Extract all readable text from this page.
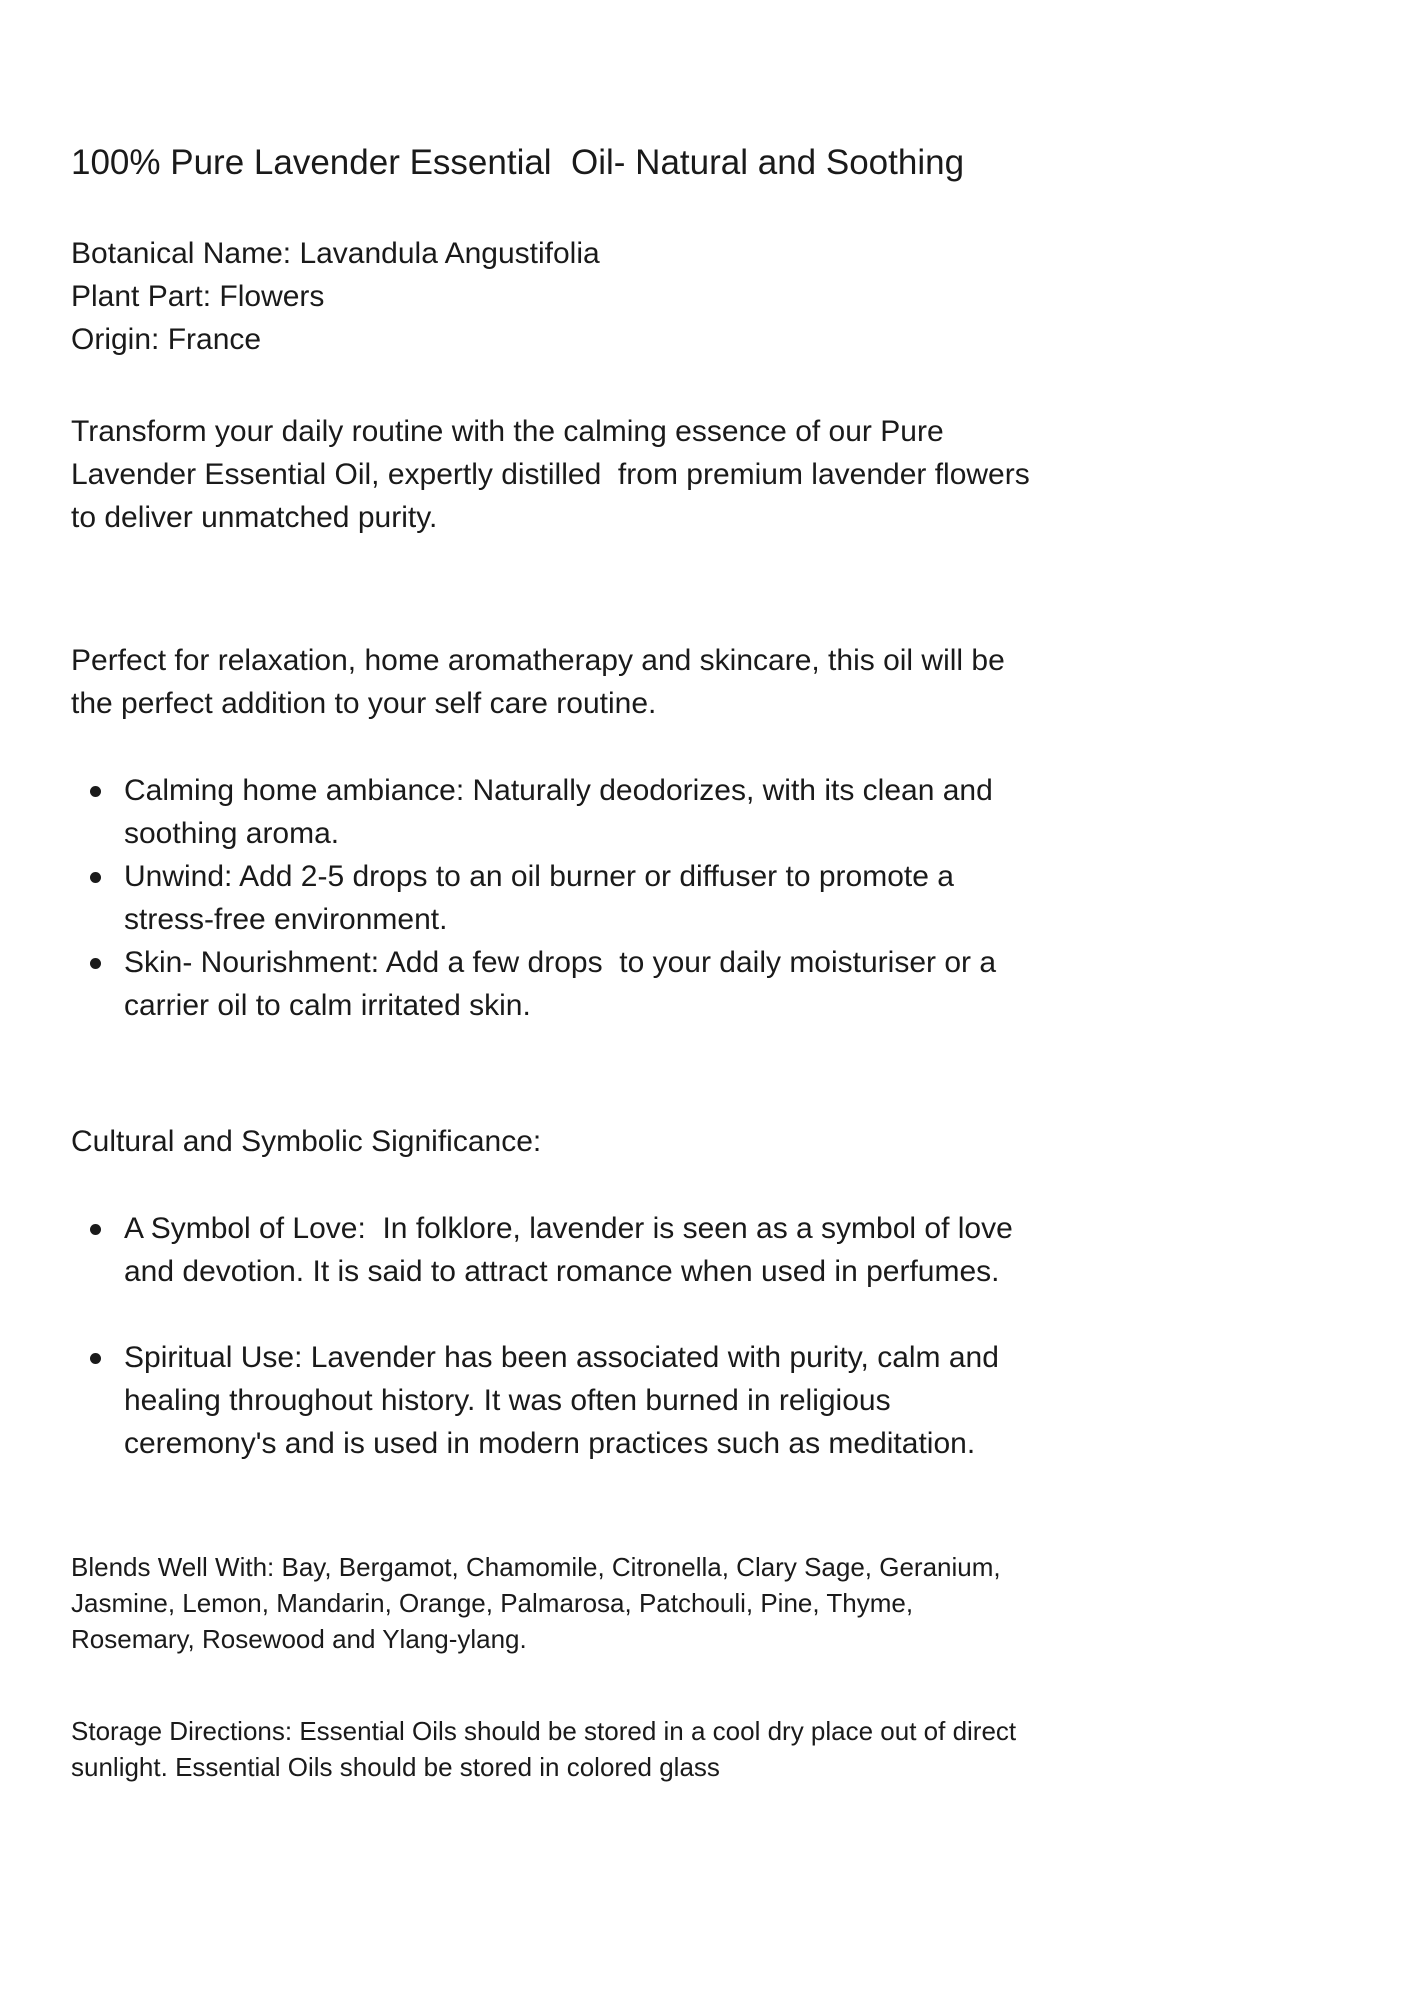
100% Pure Lavender Essential  Oil- Natural and Soothing
Botanical Name: Lavandula Angustifolia
Plant Part: Flowers
Origin: France

Transform your daily routine with the calming essence of our Pure Lavender Essential Oil, expertly distilled  from premium lavender flowers  to deliver unmatched purity.

Perfect for relaxation, home aromatherapy and skincare, this oil will be the perfect addition to your self care routine.

Calming home ambiance: Naturally deodorizes, with its clean and soothing aroma.
Unwind: Add 2-5 drops to an oil burner or diffuser to promote a stress-free environment.
Skin- Nourishment: Add a few drops  to your daily moisturiser or a carrier oil to calm irritated skin.

Cultural and Symbolic Significance:

A Symbol of Love:  In folklore, lavender is seen as a symbol of love and devotion. It is said to attract romance when used in perfumes.
Spiritual Use: Lavender has been associated with purity, calm and healing throughout history. It was often burned in religious ceremony's and is used in modern practices such as meditation.

Blends Well With: Bay, Bergamot, Chamomile, Citronella, Clary Sage, Geranium, Jasmine, Lemon, Mandarin, Orange, Palmarosa, Patchouli, Pine, Thyme, Rosemary, Rosewood and Ylang-ylang.

Storage Directions: Essential Oils should be stored in a cool dry place out of direct sunlight. Essential Oils should be stored in colored glass
